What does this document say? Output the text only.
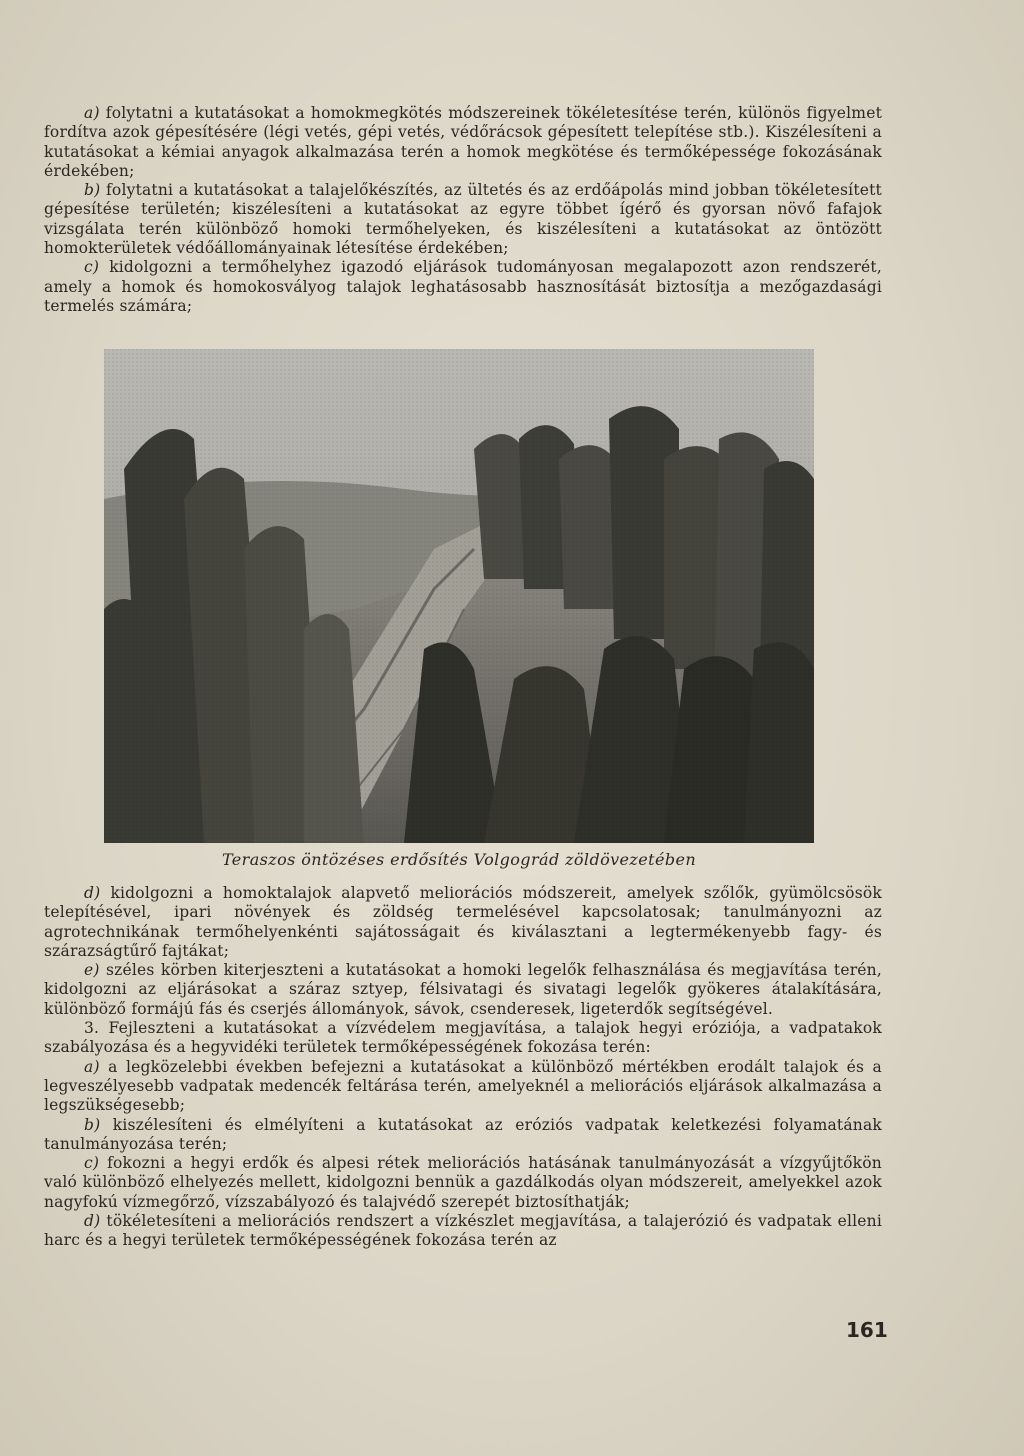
a) folytatni a kutatásokat a homokmegkötés módszereinek tökéletesítése terén, különös figyelmet fordítva azok gépesítésére (légi vetés, gépi vetés, védőrácsok gépesített telepítése stb.). Kiszélesíteni a kutatásokat a kémiai anyagok alkalmazása terén a homok megkötése és termőképessége fokozásának érdekében;

b) folytatni a kutatásokat a talajelőkészítés, az ültetés és az erdőápolás mind jobban tökéletesített gépesítése területén; kiszélesíteni a kutatásokat az egyre többet ígérő és gyorsan növő fafajok vizsgálata terén különböző homoki termőhelyeken, és kiszélesíteni a kutatásokat az öntözött homokterületek védőállományainak létesítése érdekében;

c) kidolgozni a termőhelyhez igazodó eljárások tudományosan megalapozott azon rendszerét, amely a homok és homokosvályog talajok leghatásosabb hasznosítását biztosítja a mezőgazdasági termelés számára;

Teraszos öntözéses erdősítés Volgográd zöldövezetében

d) kidolgozni a homoktalajok alapvető meliorációs módszereit, amelyek szőlők, gyümölcsösök telepítésével, ipari növények és zöldség termelésével kapcsolatosak; tanulmányozni az agrotechnikának termőhelyenkénti sajátosságait és kiválasztani a legtermékenyebb fagy- és szárazságtűrő fajtákat;

e) széles körben kiterjeszteni a kutatásokat a homoki legelők felhasználása és megjavítása terén, kidolgozni az eljárásokat a száraz sztyep, félsivatagi és sivatagi legelők gyökeres átalakítására, különböző formájú fás és cserjés állományok, sávok, csenderesek, ligeterdők segítségével.

3. Fejleszteni a kutatásokat a vízvédelem megjavítása, a talajok hegyi eróziója, a vadpatakok szabályozása és a hegyvidéki területek termőképességének fokozása terén:

a) a legközelebbi években befejezni a kutatásokat a különböző mértékben erodált talajok és a legveszélyesebb vadpatak medencék feltárása terén, amelyeknél a meliorációs eljárások alkalmazása a legszükségesebb;

b) kiszélesíteni és elmélyíteni a kutatásokat az eróziós vadpatak keletkezési folyamatának tanulmányozása terén;

c) fokozni a hegyi erdők és alpesi rétek meliorációs hatásának tanulmányozását a vízgyűjtőkön való különböző elhelyezés mellett, kidolgozni bennük a gazdálkodás olyan módszereit, amelyekkel azok nagyfokú vízmegőrző, vízszabályozó és talajvédő szerepét biztosíthatják;

d) tökéletesíteni a meliorációs rendszert a vízkészlet megjavítása, a talajerózió és vadpatak elleni harc és a hegyi területek termőképességének fokozása terén az

161
